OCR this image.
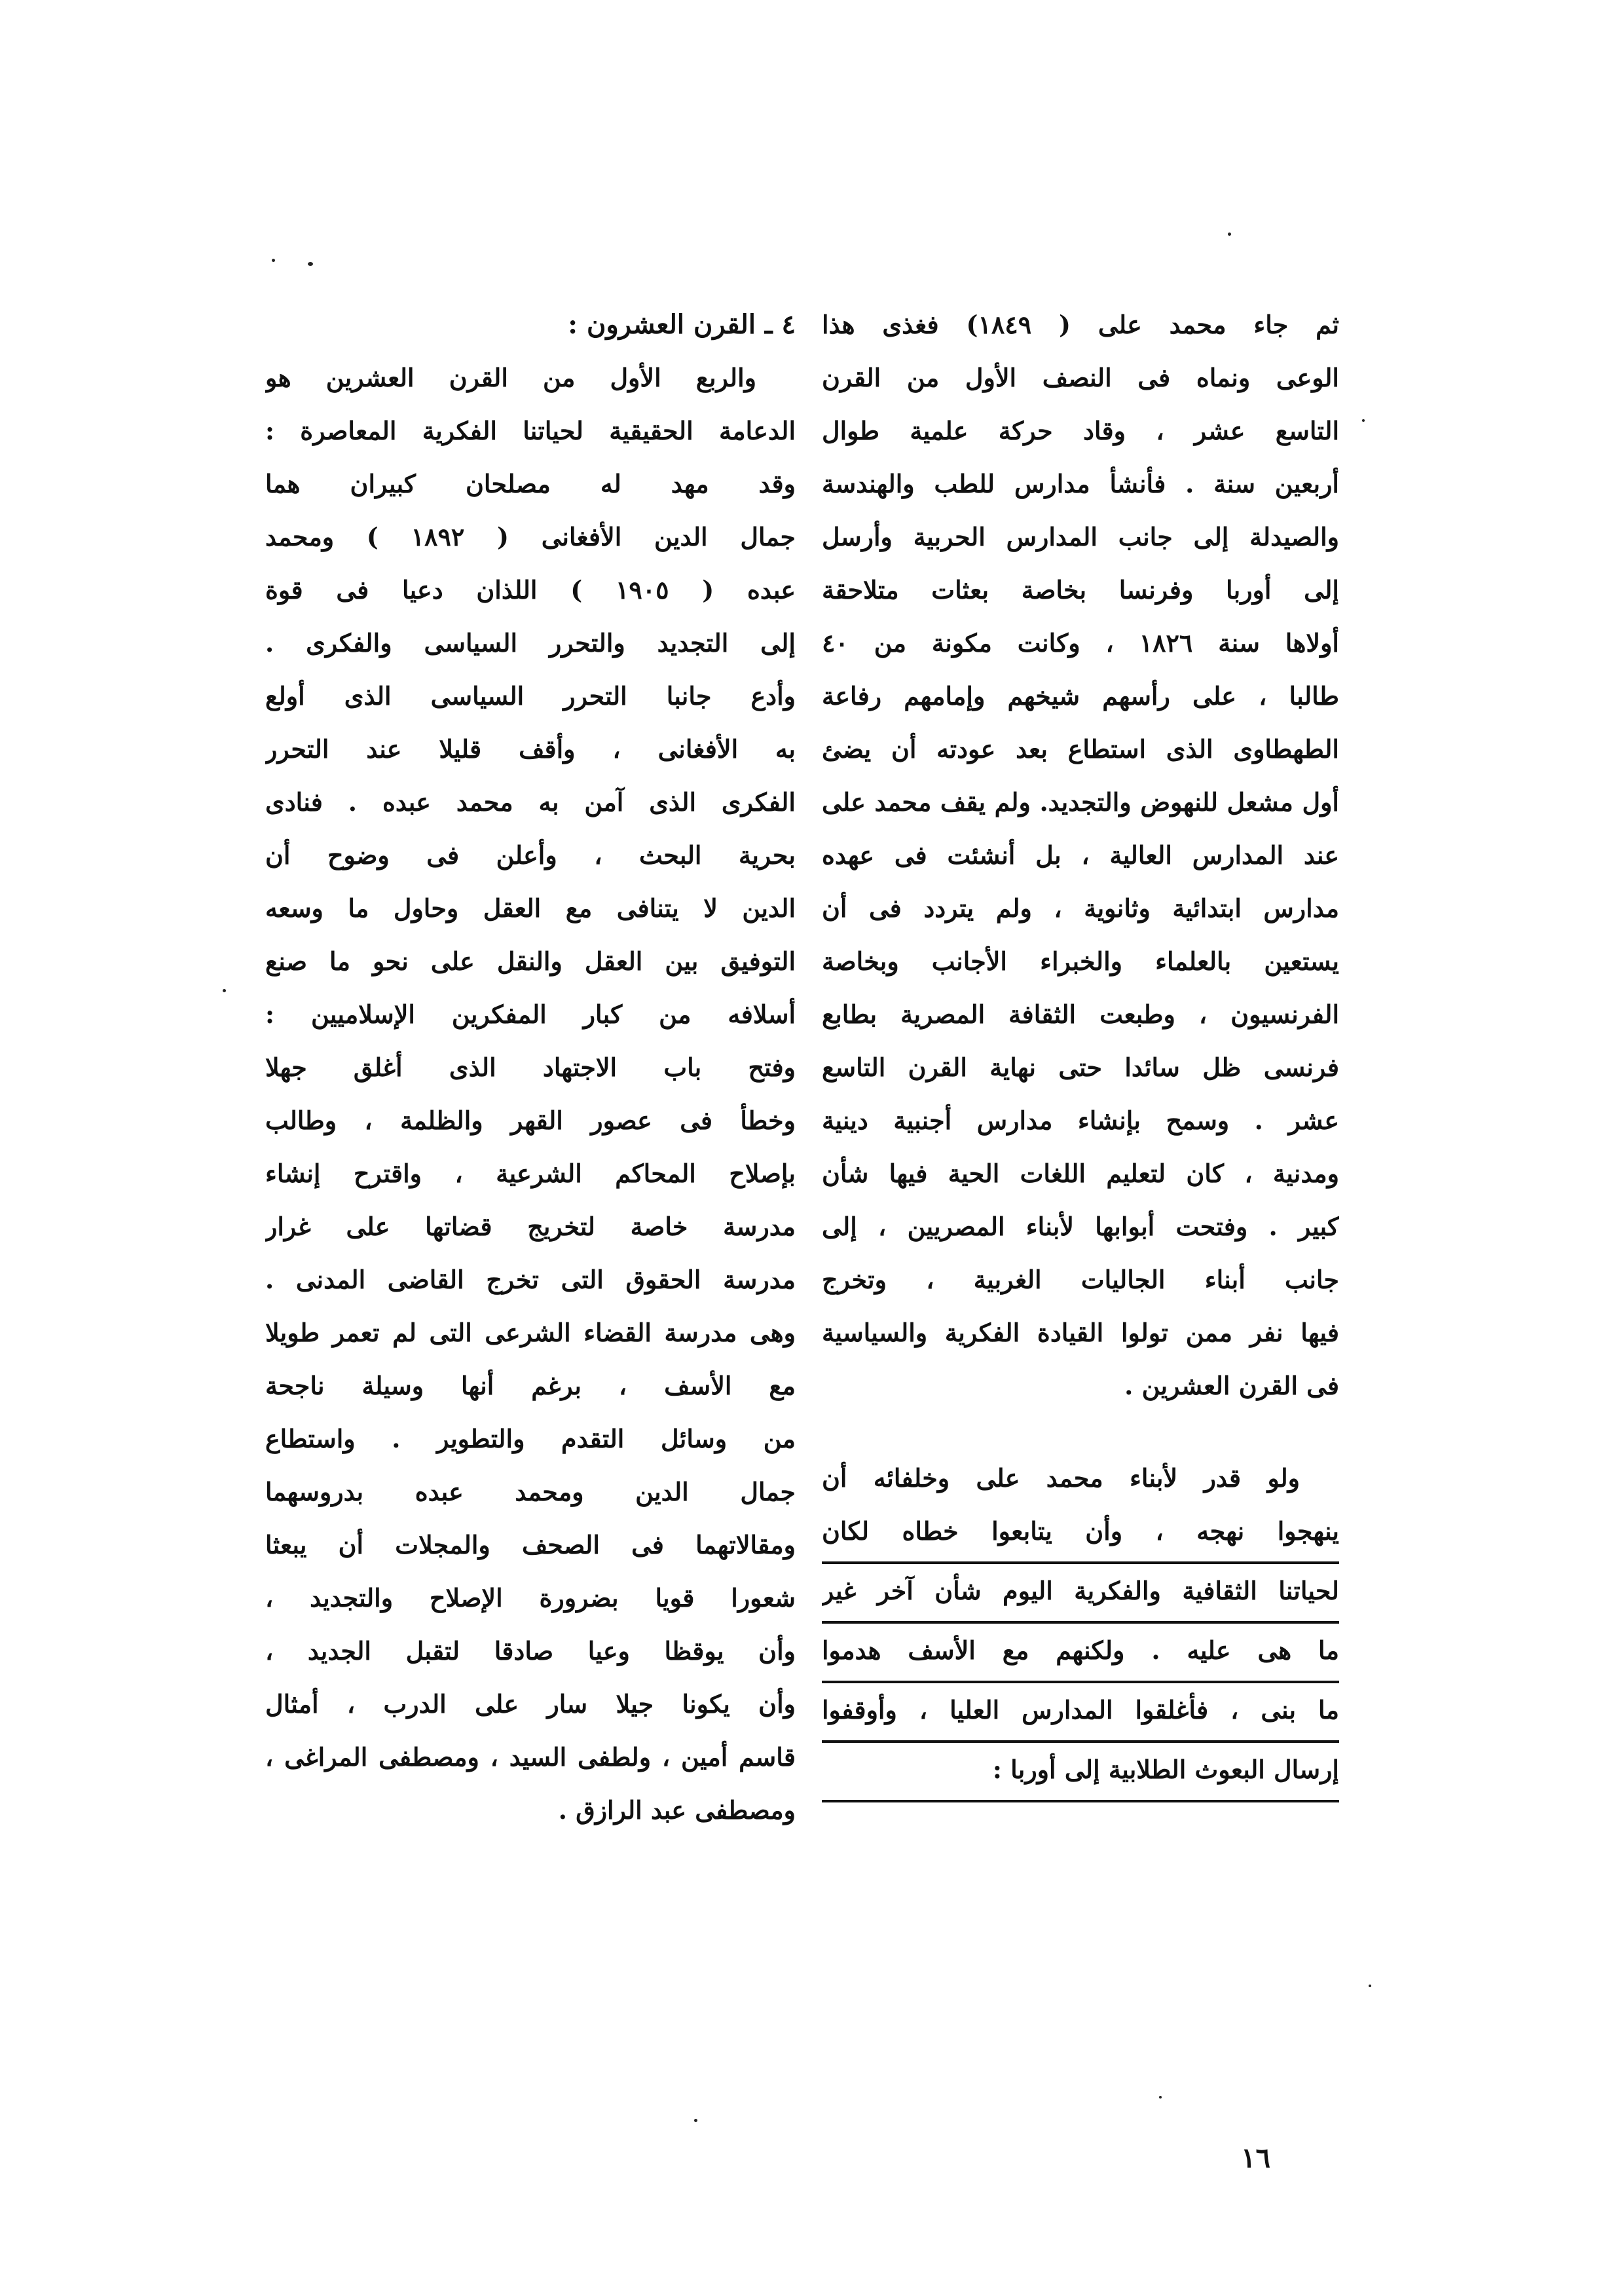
ثم جاء محمد على ( ١٨٤٩) فغذى هذا
الوعى ونماه فى النصف الأول من القرن
التاسع عشر ، وقاد حركة علمية طوال
أربعين سنة . فأنشأ مدارس للطب والهندسة
والصيدلة إلى جانب المدارس الحربية وأرسل
إلى أوربا وفرنسا بخاصة بعثات متلاحقة
أولاها سنة ١٨٢٦ ، وكانت مكونة من ٤٠
طالبا ، على رأسهم شيخهم وإمامهم رفاعة
الطهطاوى الذى استطاع بعد عودته أن يضئ
أول مشعل للنهوض والتجديد. ولم يقف محمد على
عند المدارس العالية ، بل أنشئت فى عهده
مدارس ابتدائية وثانوية ، ولم يتردد فى أن
يستعين بالعلماء والخبراء الأجانب وبخاصة
الفرنسيون ، وطبعت الثقافة المصرية بطابع
فرنسى ظل سائدا حتى نهاية القرن التاسع
عشر . وسمح بإنشاء مدارس أجنبية دينية
ومدنية ، كان لتعليم اللغات الحية فيها شأن
كبير . وفتحت أبوابها لأبناء المصريين ، إلى
جانب أبناء الجاليات الغربية ، وتخرج
فيها نفر ممن تولوا القيادة الفكرية والسياسية
فى القرن العشرين .
ولو قدر لأبناء محمد على وخلفائه أن
ينهجوا نهجه ، وأن يتابعوا خطاه لكان
لحياتنا الثقافية والفكرية اليوم شأن آخر غير
ما هى عليه . ولكنهم مع الأسف هدموا
ما بنى ، فأغلقوا المدارس العليا ، وأوقفوا
إرسال البعوث الطلابية إلى أوربا :
٤ ـ القرن العشرون :
والربع الأول من القرن العشرين هو
الدعامة الحقيقية لحياتنا الفكرية المعاصرة :
وقد مهد له مصلحان كبيران هما
جمال الدين الأفغانى ( ١٨٩٢ ) ومحمد
عبده ( ١٩٠٥ ) اللذان دعيا فى قوة
إلى التجديد والتحرر السياسى والفكرى .
وأدع جانبا التحرر السياسى الذى أولع
به الأفغانى ، وأقف قليلا عند التحرر
الفكرى الذى آمن به محمد عبده . فنادى
بحرية البحث ، وأعلن فى وضوح أن
الدين لا يتنافى مع العقل وحاول ما وسعه
التوفيق بين العقل والنقل على نحو ما صنع
أسلافه من كبار المفكرين الإسلاميين :
وفتح باب الاجتهاد الذى أغلق جهلا
وخطأ فى عصور القهر والظلمة ، وطالب
بإصلاح المحاكم الشرعية ، واقترح إنشاء
مدرسة خاصة لتخريج قضاتها على غرار
مدرسة الحقوق التى تخرج القاضى المدنى .
وهى مدرسة القضاء الشرعى التى لم تعمر طويلا
مع الأسف ، برغم أنها وسيلة ناجحة
من وسائل التقدم والتطوير . واستطاع
جمال الدين ومحمد عبده بدروسهما
ومقالاتهما فى الصحف والمجلات أن يبعثا
شعورا قويا بضرورة الإصلاح والتجديد ،
وأن يوقظا وعيا صادقا لتقبل الجديد ،
وأن يكونا جيلا سار على الدرب ، أمثال
قاسم أمين ، ولطفى السيد ، ومصطفى المراغى ،
ومصطفى عبد الرازق .
١٦
